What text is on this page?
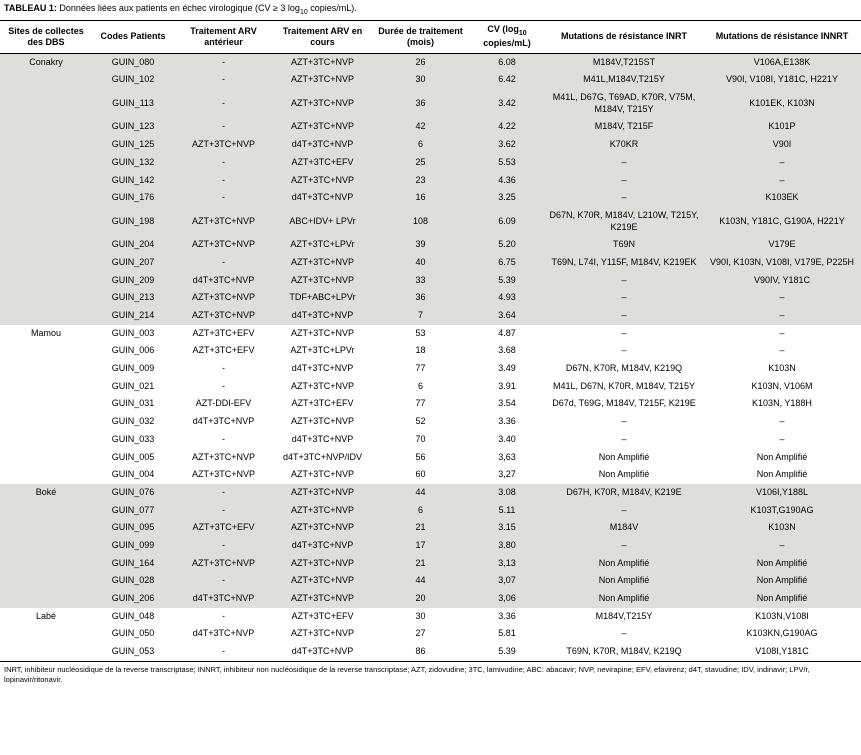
TABLEAU 1: Données liées aux patients en échec virologique (CV ≥ 3 $\log_{10}$ copies/mL).
Sites de collectes des DBS	Codes Patients	Traitement ARV antérieur	Traitement ARV en cours	Durée de traitement (mois)	CV ($\log_{10}$
copies/mL)	Mutations de résistance INRT	Mutations de résistance INNRT
Conakry	GUIN_080	-	AZT+3TC+NVP	26	6.08	M184V,T215ST	V106A,E138K
	GUIN_102	-	AZT+3TC+NVP	30	6.42	M41L,M184V,T215Y	V90I, V108I, Y181C, H221Y
	GUIN_113	-	AZT+3TC+NVP	36	3.42	M41L, D67G, T69AD, K70R, V75M, M184V, T215Y	K101EK, K103N
	GUIN_123	-	AZT+3TC+NVP	42	4.22	M184V, T215F	K101P
	GUIN_125	AZT+3TC+NVP	d4T+3TC+NVP	6	3.62	K70KR	V90I
	GUIN_132	-	AZT+3TC+EFV	25	5.53	–	–
	GUIN_142	-	AZT+3TC+NVP	23	4.36	–	–
	GUIN_176	-	d4T+3TC+NVP	16	3.25	–	K103EK
	GUIN_198	AZT+3TC+NVP	ABC+IDV+ LPVr	108	6.09	D67N, K70R, M184V, L210W, T215Y, K219E	K103N, Y181C, G190A, H221Y
	GUIN_204	AZT+3TC+NVP	AZT+3TC+LPVr	39	5.20	T69N	V179E
	GUIN_207	-	AZT+3TC+NVP	40	6.75	T69N, L74I, Y115F, M184V, K219EK	V90I, K103N, V108I, V179E, P225H
	GUIN_209	d4T+3TC+NVP	AZT+3TC+NVP	33	5.39	–	V90IV, Y181C
	GUIN_213	AZT+3TC+NVP	TDF+ABC+LPVr	36	4.93	–	–
	GUIN_214	AZT+3TC+NVP	d4T+3TC+NVP	7	3.64	–	–
Mamou	GUIN_003	AZT+3TC+EFV	AZT+3TC+NVP	53	4.87	–	–
	GUIN_006	AZT+3TC+EFV	AZT+3TC+LPVr	18	3.68	–	–
	GUIN_009	-	d4T+3TC+NVP	77	3.49	D67N, K70R, M184V, K219Q	K103N
	GUIN_021	-	AZT+3TC+NVP	6	3.91	M41L, D67N, K70R, M184V, T215Y	K103N, V106M
	GUIN_031	AZT-DDI-EFV	AZT+3TC+EFV	77	3.54	D67d, T69G, M184V, T215F, K219E	K103N, Y188H
	GUIN_032	d4T+3TC+NVP	AZT+3TC+NVP	52	3.36	–	–
	GUIN_033	-	d4T+3TC+NVP	70	3.40	–	–
	GUIN_005	AZT+3TC+NVP	d4T+3TC+NVP/IDV	56	3,63	Non Amplifié	Non Amplifié
	GUIN_004	AZT+3TC+NVP	AZT+3TC+NVP	60	3,27	Non Amplifié	Non Amplifié
Boké	GUIN_076	-	AZT+3TC+NVP	44	3.08	D67H, K70R, M184V, K219E	V106I,Y188L
	GUIN_077	-	AZT+3TC+NVP	6	5.11	–	K103T,G190AG
	GUIN_095	AZT+3TC+EFV	AZT+3TC+NVP	21	3.15	M184V	K103N
	GUIN_099	-	d4T+3TC+NVP	17	3.80	–	–
	GUIN_164	AZT+3TC+NVP	AZT+3TC+NVP	21	3,13	Non Amplifié	Non Amplifié
	GUIN_028	-	AZT+3TC+NVP	44	3,07	Non Amplifié	Non Amplifié
	GUIN_206	d4T+3TC+NVP	AZT+3TC+NVP	20	3,06	Non Amplifié	Non Amplifié
Labé	GUIN_048	-	AZT+3TC+EFV	30	3.36	M184V,T215Y	K103N,V108I
	GUIN_050	d4T+3TC+NVP	AZT+3TC+NVP	27	5.81	–	K103KN,G190AG
	GUIN_053	-	d4T+3TC+NVP	86	5.39	T69N, K70R, M184V, K219Q	V108I,Y181C
INRT, inhibiteur nucléosidique de la reverse transcriptase; INNRT, inhibiteur non nucléosidique de la reverse transcriptase; AZT, zidovudine; 3TC, lamivudine; ABC: abacavir; NVP, nevirapine; EFV, efavirenz; d4T, stavudine; IDV, indinavir; LPV/r, lopinavir/ritonavir.
